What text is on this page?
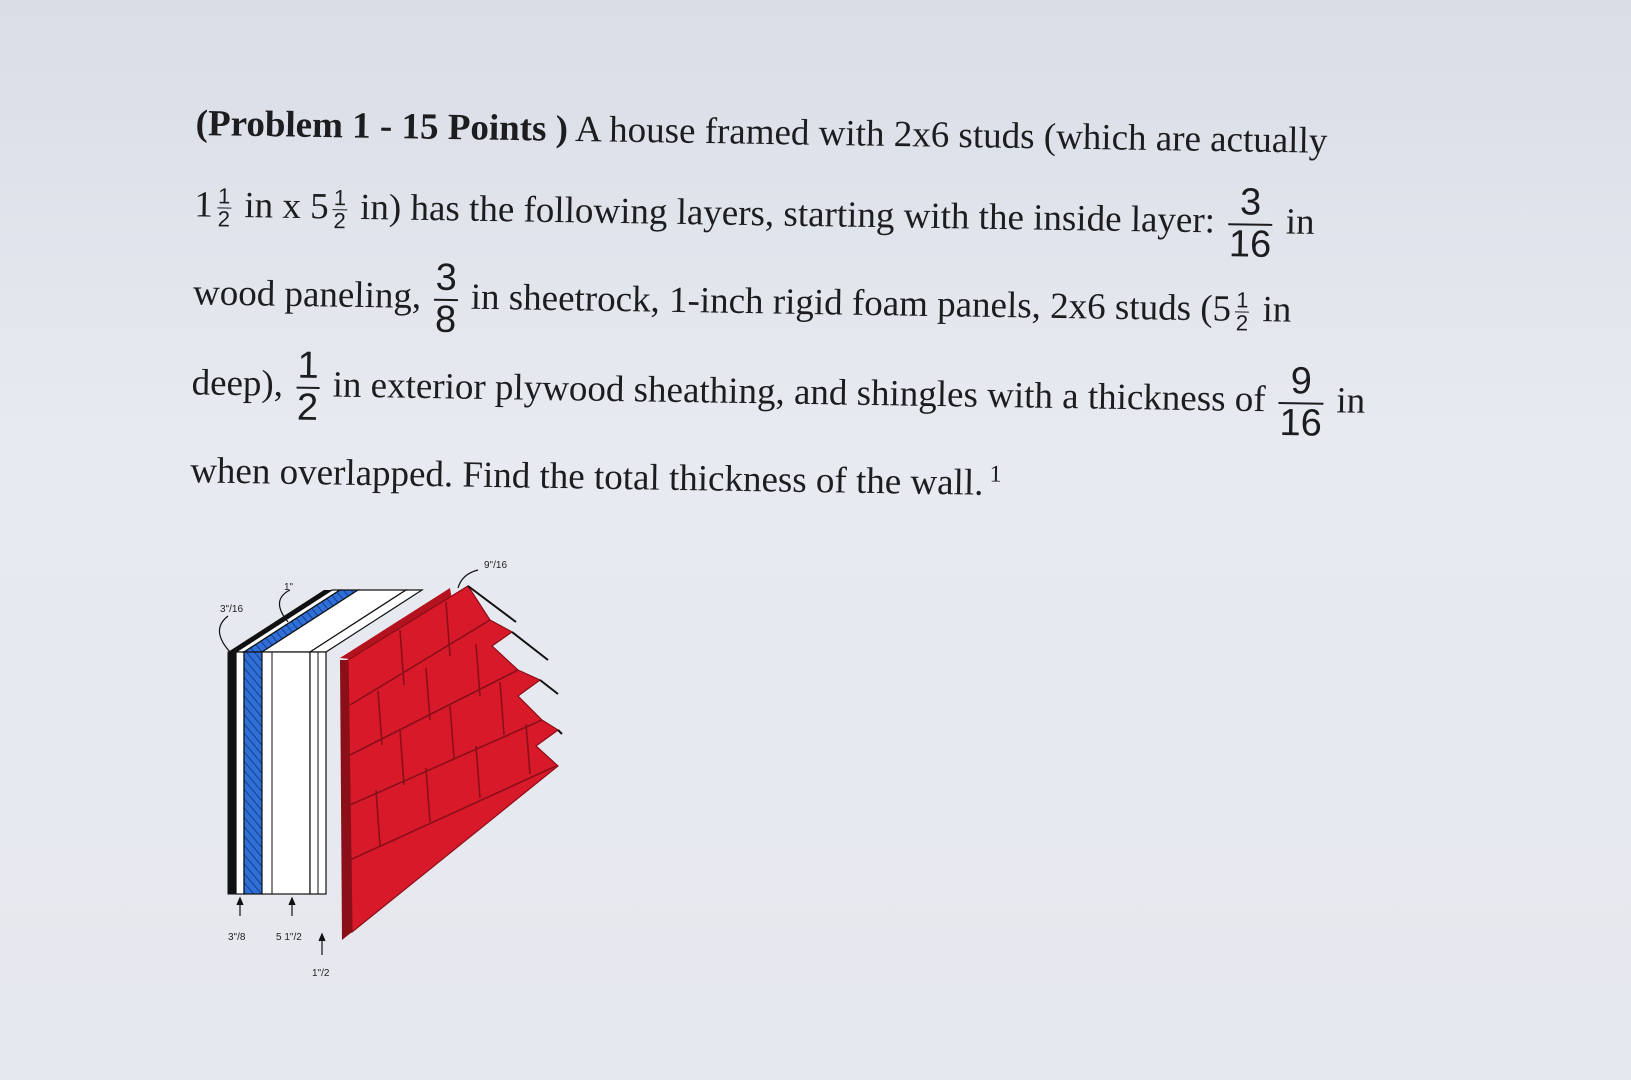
(Problem 1 - 15 Points ) A house framed with 2x6 studs (which are actually
$1 \frac{1}{2}$ in x $5 \frac{1}{2} in$) has the following layers, starting with the inside layer: $\frac{3}{16}$ in
wood paneling, $\frac{3}{8}$ in sheetrock, 1-inch rigid foam panels, 2x6 studs ($5 \frac{1}{2}$ in
deep), $\frac{1}{2}$ in exterior plywood sheathing, and shingles with a thickness of $\frac{9}{16}$ in
when overlapped. Find the total thickness of the wall. $^1$
3"/16
1"
9"/16
3"/8	5 1"/2
1"/2
